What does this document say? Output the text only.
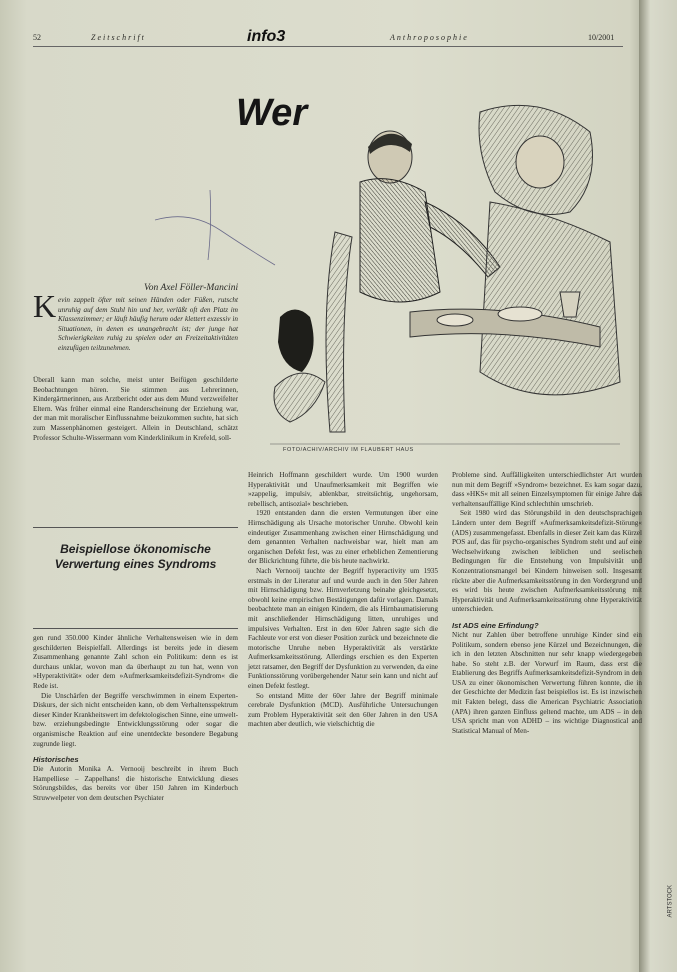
ARTSTOCK
52	Zeitschrift	info3	Anthroposophie	10/2001
Wer
FOTO/ACHIV/ARCHIV IM FLAUBERT HAUS
Von Axel Föller-Mancini
K evin zappelt öfter mit seinen Händen oder Füßen, rutscht unruhig auf dem Stuhl hin und her, verläßt oft den Platz im Klassenzimmer; er läuft häufig herum oder klettert exzessiv in Situationen, in denen es unangebracht ist; der junge hat Schwierigkeiten ruhig zu spielen oder an Freizeitaktivitäten einzufügen teilzunehmen.

Überall kann man solche, meist unter Beifügen geschilderte Beobachtungen hören. Sie stimmen aus Lehrerinnen, Kindergärtnerinnen, aus Arztbericht oder aus dem Mund verzweifelter Eltern. Was früher einmal eine Randerscheinung der Erziehung war, der man mit moralischer Einflussnahme beizukommen suchte, hat sich zum Massenphänomen gesteigert. Allein in Deutschland, schätzt Professor Schulte-Wissermann vom Kinderklinikum in Krefeld, soll-

Beispiellose ökonomische Verwertung eines Syndroms

gen rund 350.000 Kinder ähnliche Verhaltensweisen wie in dem geschilderten Beispielfall. Allerdings ist bereits jede in diesem Zusammenhang genannte Zahl schon ein Politikum: denn es ist durchaus unklar, wovon man da überhaupt zu tun hat, wenn von »Hyperaktivität« oder dem »Aufmerksamkeitsdefizit-Syndrom« die Rede ist.

Die Unschärfen der Begriffe verschwimmen in einem Experten-Diskurs, der sich nicht entscheiden kann, ob dem Verhaltensspektrum dieser Kinder Krankheitswert im defektologischen Sinne, eine umwelt- bzw. erziehungsbedingte Entwicklungsstörung oder sogar die organismische Reaktion auf eine unentdeckte besondere Begabung zugrunde liegt.

Historisches

Die Autorin Monika A. Vernooij beschreibt in ihrem Buch Hampelliese – Zappelhans! die historische Entwicklung dieses Störungsbildes, das bereits vor über 150 Jahren im Kinderbuch Struwwelpeter von dem deutschen Psychiater

Heinrich Hoffmann geschildert wurde. Um 1900 wurden Hyperaktivität und Unaufmerksamkeit mit Begriffen wie »zappelig, impulsiv, ablenkbar, streitsüchtig, ungehorsam, rebellisch, antisozial« beschrieben.

1920 entstanden dann die ersten Vermutungen über eine Hirnschädigung als Ursache motorischer Unruhe. Obwohl kein eindeutiger Zusammenhang zwischen einer Hirnschädigung und dem genannten Verhalten nachweisbar war, hielt man am organischen Defekt fest, was zu einer erheblichen Zementierung der Blickrichtung führte, die bis heute nachwirkt.

Nach Vernooij tauchte der Begriff hyperactivity um 1935 erstmals in der Literatur auf und wurde auch in den 50er Jahren mit Hirnschädigung bzw. Hirnverletzung beinahe gleichgesetzt, obwohl keine empirischen Bestätigungen dafür vorlagen. Damals beobachtete man an einigen Kindern, die als Hirnbaumatisierung mit anschließender Hirnschädigung litten, unruhiges und impulsives Verhalten. Erst in den 60er Jahren sagte sich die Fachleute vor erst von dieser Position zurück und bezeichnete die motorische Unruhe neben Hyperaktivität als verstärkte Aufmerksamkeitsstörung. Allerdings erschien es den Experten jetzt ratsamer, den Begriff der Dysfunktion zu verwenden, da eine Funktionsstörung vorübergehender Natur sein kann und nicht auf einen Defekt festlegt.

So entstand Mitte der 60er Jahre der Begriff minimale cerebrale Dysfunktion (MCD). Ausführliche Untersuchungen zum Problem Hyperaktivität seit den 60er Jahren in den USA machten aber deutlich, wie vielschichtig die

Probleme sind. Auffälligkeiten unterschiedlichster Art wurden nun mit dem Begriff »Syndrom« bezeichnet. Es kam sogar dazu, dass »HKS« mit all seinen Einzelsymptomen für einige Jahre das verhaltensauffällige Kind schlechthin umschrieb.

Seit 1980 wird das Störungsbild in den deutschsprachigen Ländern unter dem Begriff »Aufmerksamkeitsdefizit-Störung« (ADS) zusammengefasst. Ebenfalls in dieser Zeit kam das Kürzel POS auf, das für psycho-organisches Syndrom steht und auf eine Wechselwirkung zwischen leiblichen und seelischen Bedingungen für die Entstehung von Impulsivität und Konzentrationsmangel bei Kindern hinweisen soll. Insgesamt rückte aber die Aufmerksamkeitsstörung in den Vordergrund und es wird bis heute zwischen Aufmerksamkeitsstörung mit Hyperaktivität und Aufmerksamkeitsstörung ohne Hyperaktivität unterschieden.

Ist ADS eine Erfindung?

Nicht nur Zahlen über betroffene unruhige Kinder sind ein Politikum, sondern ebenso jene Kürzel und Bezeichnungen, die ich in den letzten Abschnitten nur sehr knapp wiedergegeben habe. So steht z.B. der Vorwurf im Raum, dass erst die Etablierung des Begriffs Aufmerksamkeitsdefizit-Syndrom in den USA zu einer ökonomischen Verwertung führen konnte, die in der Geschichte der Medizin fast beispiellos ist. Es ist inzwischen mit Fakten belegt, dass die American Psychiatric Association (APA) ihren ganzen Einfluss geltend machte, um ADS – in den USA spricht man von ADHD – ins wichtige Diagnostical and Statistical Manual of Men-
